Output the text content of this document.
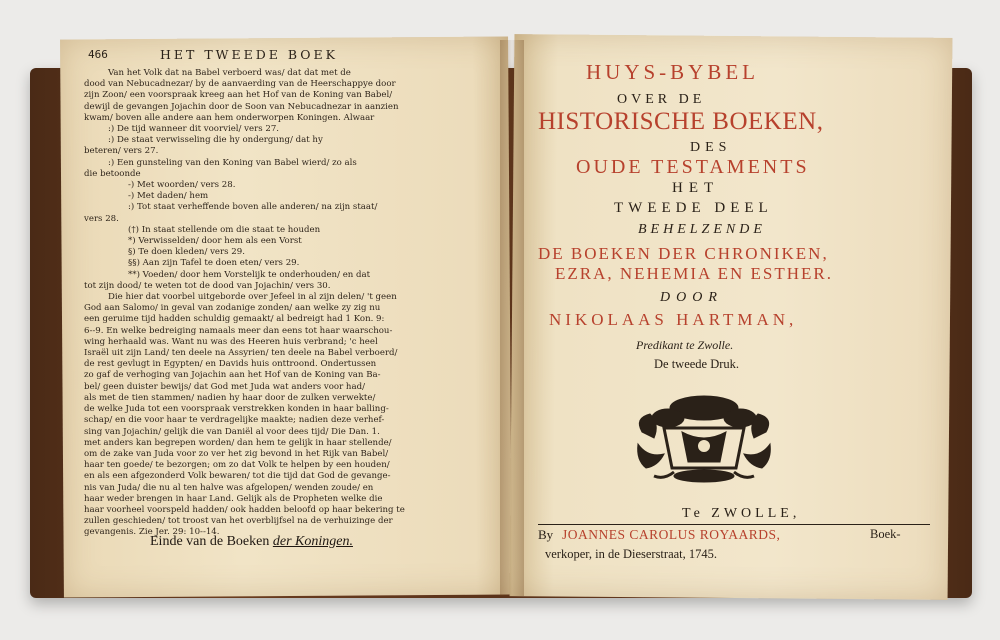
466	HET TWEEDE BOEK
Van het Volk dat na Babel verboerd was/ dat dat met de
dood van Nebucadnezar/ by de aanvaerding van de Heerschappye door
zijn Zoon/ een voorspraak kreeg aan het Hof van de Koning van Babel/
dewijl de gevangen Jojachin door de Soon van Nebucadnezar in aanzien
kwam/ boven alle andere aan hem onderworpen Koningen. Alwaar
:) De tijd wanneer dit voorviel/ vers 27.
:) De staat verwisseling die hy ondergung/ dat hy
beteren/ vers 27.
:) Een gunsteling van den Koning van Babel wierd/ zo als
die betoonde
-) Met woorden/ vers 28.
-) Met daden/ hem
:) Tot staat verheffende boven alle anderen/ na zijn staat/
vers 28.
(†) In staat stellende om die staat te houden
*) Verwisselden/ door hem als een Vorst
§) Te doen kleden/ vers 29.
§§) Aan zijn Tafel te doen eten/ vers 29.
**) Voeden/ door hem Vorstelijk te onderhouden/ en dat
tot zijn dood/ te weten tot de dood van Jojachin/ vers 30.
Die hier dat voorbel uitgeborde over Jefeel in al zijn delen/ 't geen
God aan Salomo/ in geval van zodanige zonden/ aan welke zy zig nu
een geruime tijd hadden schuldig gemaakt/ al bedreigt had 1 Kon. 9:
6--9. En welke bedreiging namaals meer dan eens tot haar waarschou-
wing herhaald was. Want nu was des Heeren huis verbrand; 'c heel
Israël uit zijn Land/ ten deele na Assyrien/ ten deele na Babel verboerd/
de rest gevlugt in Egypten/ en Davids huis onttroond. Ondertussen
zo gaf de verhoging van Jojachin aan het Hof van de Koning van Ba-
bel/ geen duister bewijs/ dat God met Juda wat anders voor had/
als met de tien stammen/ nadien hy haar door de zulken verwekte/
de welke Juda tot een voorspraak verstrekken konden in haar balling-
schap/ en die voor haar te verdragelijke maakte; nadien deze verhef-
sing van Jojachin/ gelijk die van Daniël al voor dees tijd/ Die Dan. 1.
met anders kan begrepen worden/ dan hem te gelijk in haar stellende/
om de zake van Juda voor zo ver het zig bevond in het Rijk van Babel/
haar ten goede/ te bezorgen; om zo dat Volk te helpen by een houden/
en als een afgezonderd Volk bewaren/ tot die tijd dat God de gevange-
nis van Juda/ die nu al ten halve was afgelopen/ wenden zoude/ en
haar weder brengen in haar Land. Gelijk als de Propheten welke die
haar voorheel voorspeld hadden/ ook hadden beloofd op haar bekering te
zullen geschieden/ tot troost van het overblijfsel na de verhuizinge der
gevangenis. Zie Jer. 29: 10--14.
Einde van de Boeken der Koningen.
HUYS-BYBEL
OVER DE
HISTORISCHE BOEKEN,
DES
OUDE TESTAMENTS
HET
TWEEDE DEEL
BEHELZENDE
DE BOEKEN DER CHRONIKEN,
EZRA, NEHEMIA EN ESTHER.
DOOR
NIKOLAAS HARTMAN,
Predikant te Zwolle.
De tweede Druk.
Te ZWOLLE,
By JOANNES CAROLUS ROYAARDS,	Boek-
verkoper, in de Dieserstraat, 1745.
